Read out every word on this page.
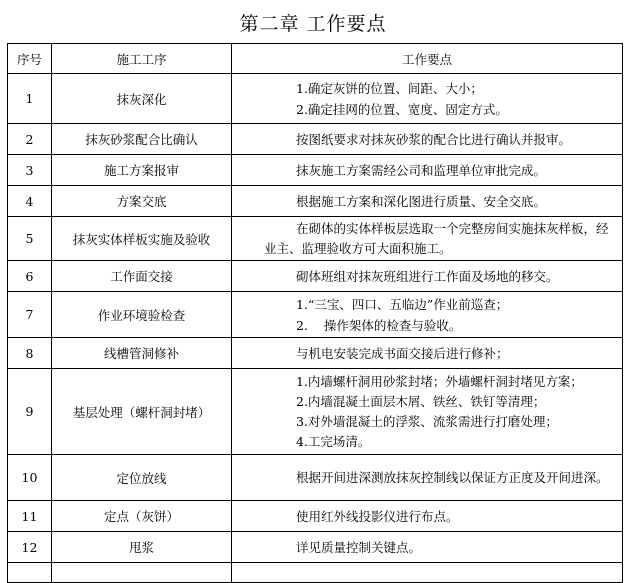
第二章 工作要点
序号	施工工序	工作要点
1	抹灰深化	1.确定灰饼的位置、间距、大小；
2.确定挂网的位置、宽度、固定方式。

2	抹灰砂浆配合比确认	按图纸要求对抹灰砂浆的配合比进行确认并报审。

3	施工方案报审	抹灰施工方案需经公司和监理单位审批完成。

4	方案交底	根据施工方案和深化图进行质量、安全交底。

5	抹灰实体样板实施及验收	在砌体的实体样板层选取一个完整房间实施抹灰样板，经业主、监理验收方可大面积施工。
6	工作面交接	砌体班组对抹灰班组进行工作面及场地的移交。

7	作业环境验检查	1.“三宝、四口、五临边”作业前巡查；
2.    操作架体的检查与验收。

8	线槽管洞修补	与机电安装完成书面交接后进行修补；

9	基层处理（螺杆洞封堵）	1.内墙螺杆洞用砂浆封堵；外墙螺杆洞封堵见方案；
2.内墙混凝土面层木屑、铁丝、铁钉等清理；
3.对外墙混凝土的浮浆、流浆需进行打磨处理；
4.工完场清。

10	定位放线	根据开间进深测放抹灰控制线以保证方正度及开间进深。
11	定点（灰饼）	使用红外线投影仪进行布点。

12	甩浆	详见质量控制关键点。
